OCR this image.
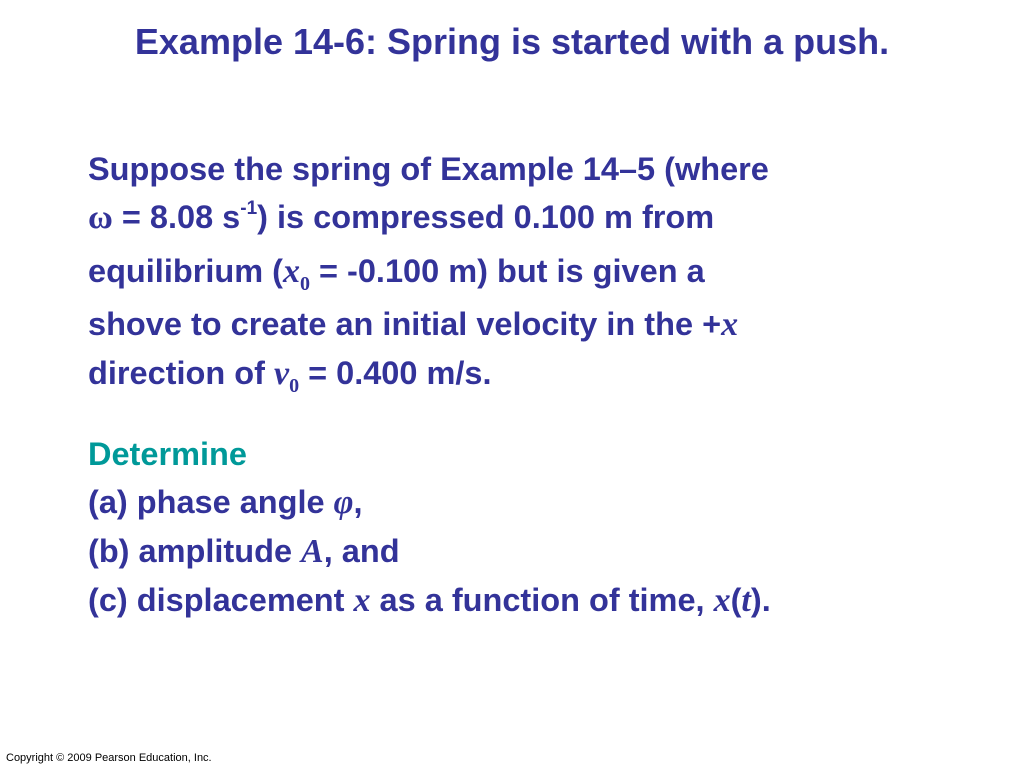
Example 14-6: Spring is started with a push.
Suppose the spring of Example 14–5 (where
ω = 8.08 $s^{-1}$) is compressed 0.100 m from
equilibrium ($x_0 = -0.100$ m) but is given a
shove to create an initial velocity in the +x
direction of $v_0 = 0.400$ m/s.

Determine

(a) phase angle φ,
(b) amplitude A, and
(c) displacement x as a function of time, x(t).

Copyright © 2009 Pearson Education, Inc.
